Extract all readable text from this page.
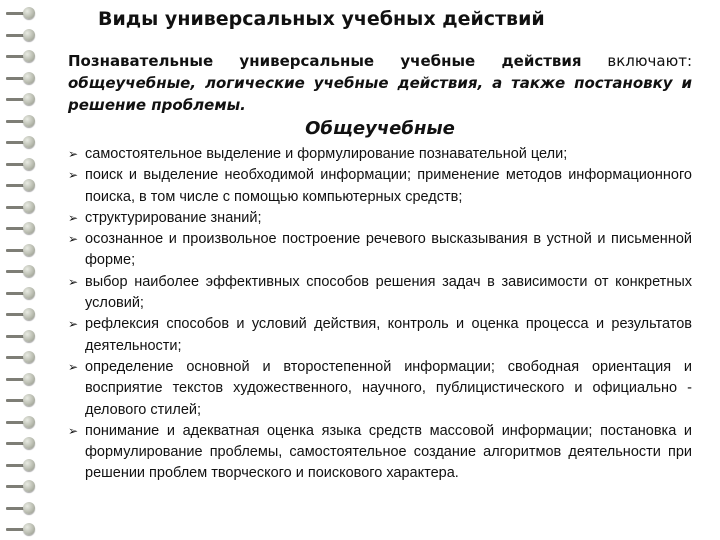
Виды универсальных учебных действий

Познавательные универсальные учебные действия включают: общеучебные, логические учебные действия, а также постановку и решение проблемы.

Общеучебные
➢ самостоятельное выделение и формулирование познавательной цели;
➢ поиск и выделение необходимой информации; применение методов информационного поиска, в том числе с помощью компьютерных средств;
➢ структурирование знаний;
➢ осознанное и произвольное построение речевого высказывания в устной и письменной форме;
➢ выбор наиболее эффективных способов решения задач в зависимости от конкретных условий;
➢ рефлексия способов и условий действия, контроль и оценка процесса и результатов деятельности;
➢ определение основной и второстепенной информации; свободная ориентация и восприятие текстов художественного, научного, публицистического и официально - делового стилей;
➢ понимание и адекватная оценка языка средств массовой информации; постановка и формулирование проблемы, самостоятельное создание алгоритмов деятельности при решении проблем творческого и поискового характера.
